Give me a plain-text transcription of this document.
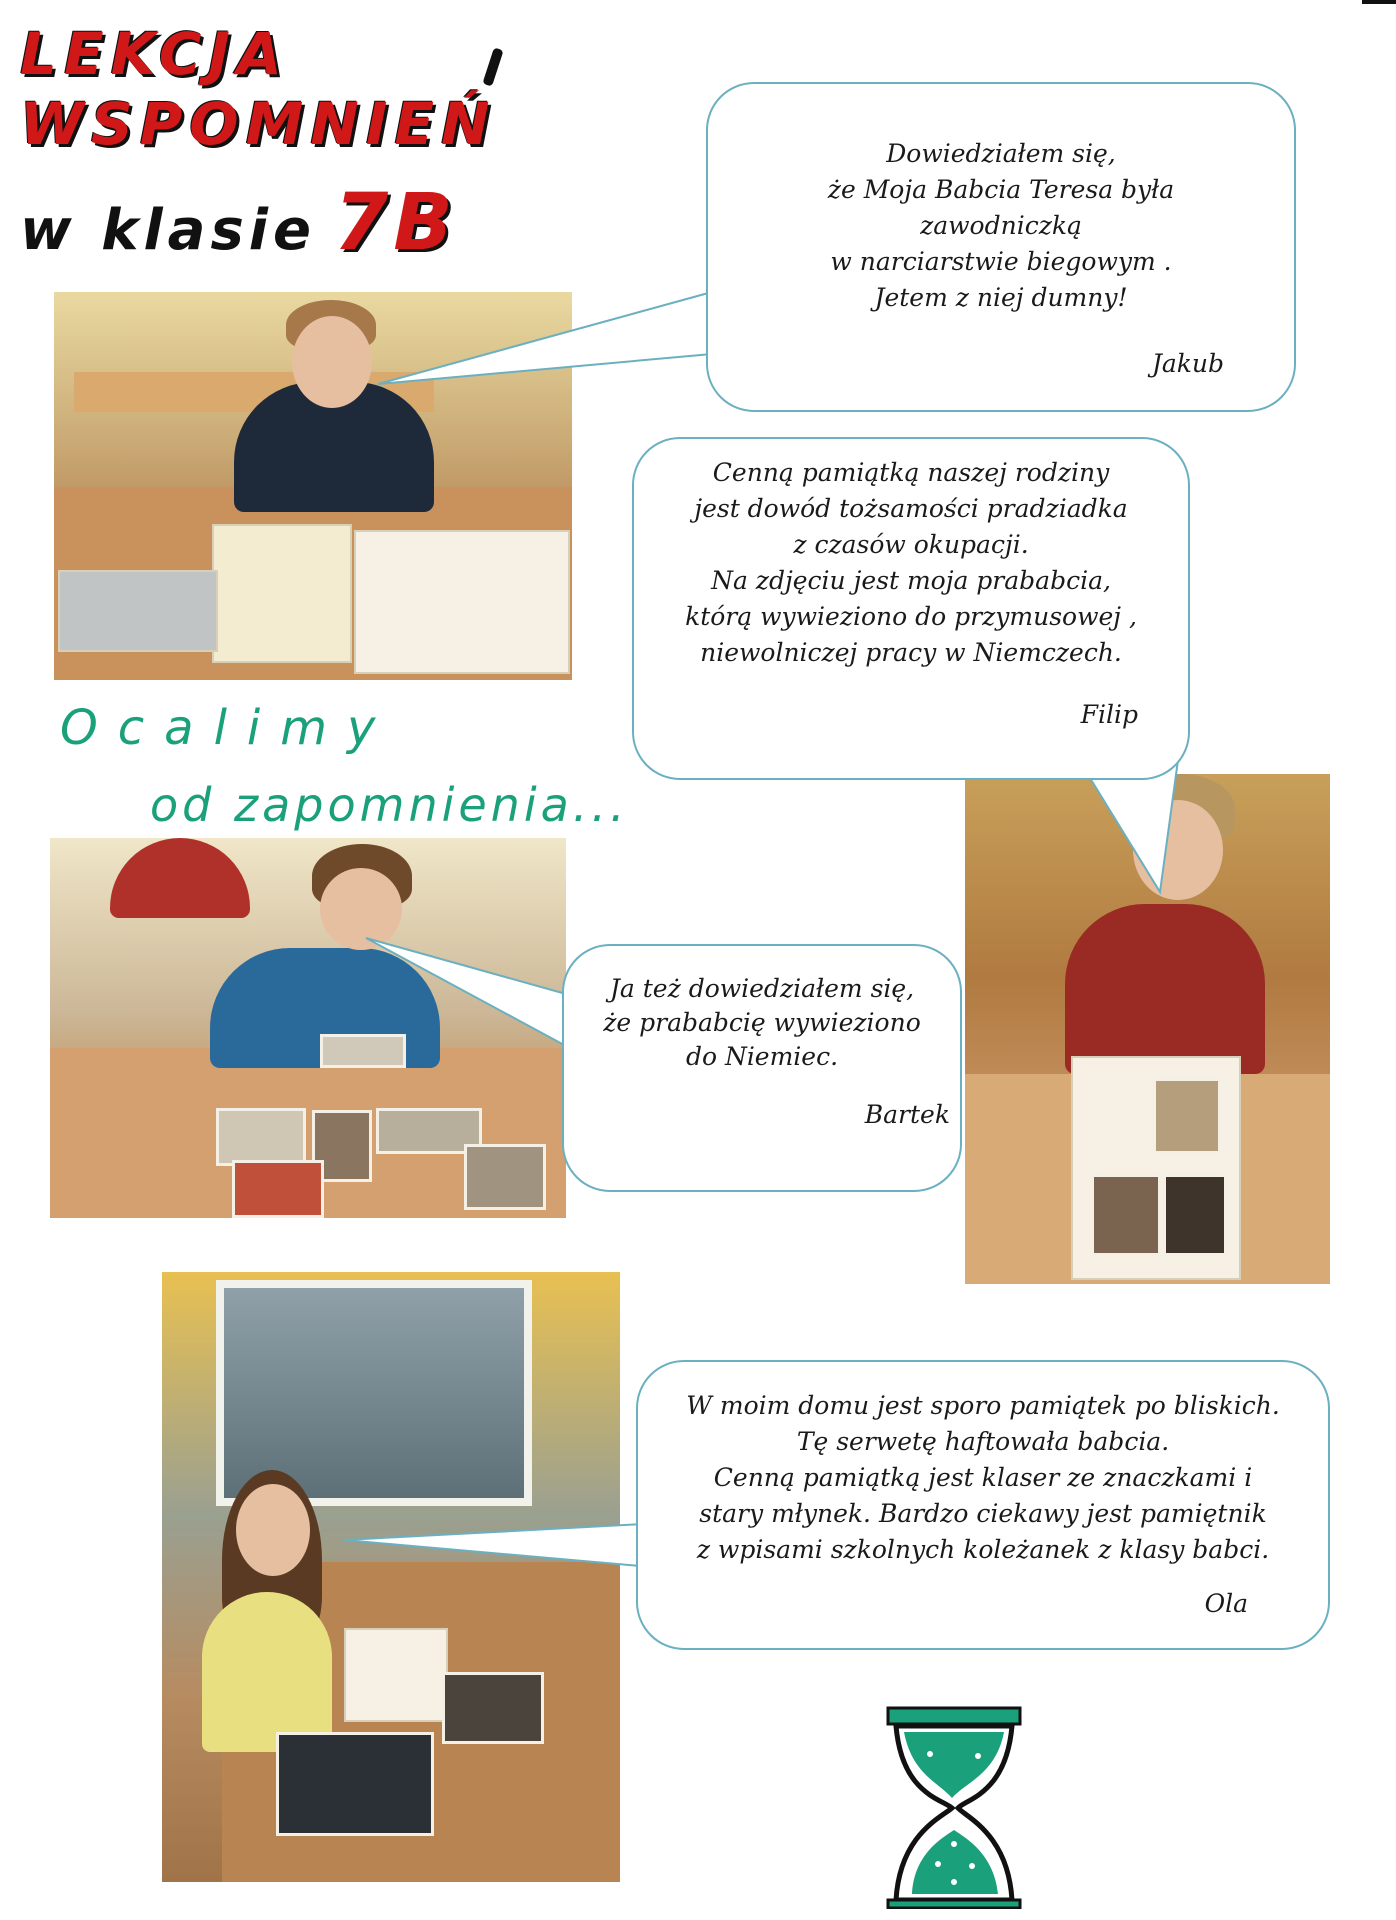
LEKCJA
WSPOMNIEŃ
w klasie 7B
Dowiedziałem się,
że Moja Babcia Teresa była
zawodniczką
w narciarstwie biegowym .
Jetem z niej dumny!
Jakub
Cenną pamiątką naszej rodziny
jest dowód tożsamości pradziadka
z czasów okupacji.
Na zdjęciu jest moja prababcia,
którą wywieziono do przymusowej ,
niewolniczej pracy w Niemczech.
Filip
Ja też dowiedziałem się,
że prababcię wywieziono
do Niemiec.
Bartek
W moim domu jest sporo pamiątek po bliskich.
Tę serwetę haftowała babcia.
Cenną pamiątką jest klaser ze znaczkami i
stary młynek. Bardzo ciekawy jest pamiętnik
z wpisami szkolnych koleżanek z klasy babci.
Ola
Ocalimy
od zapomnienia...
